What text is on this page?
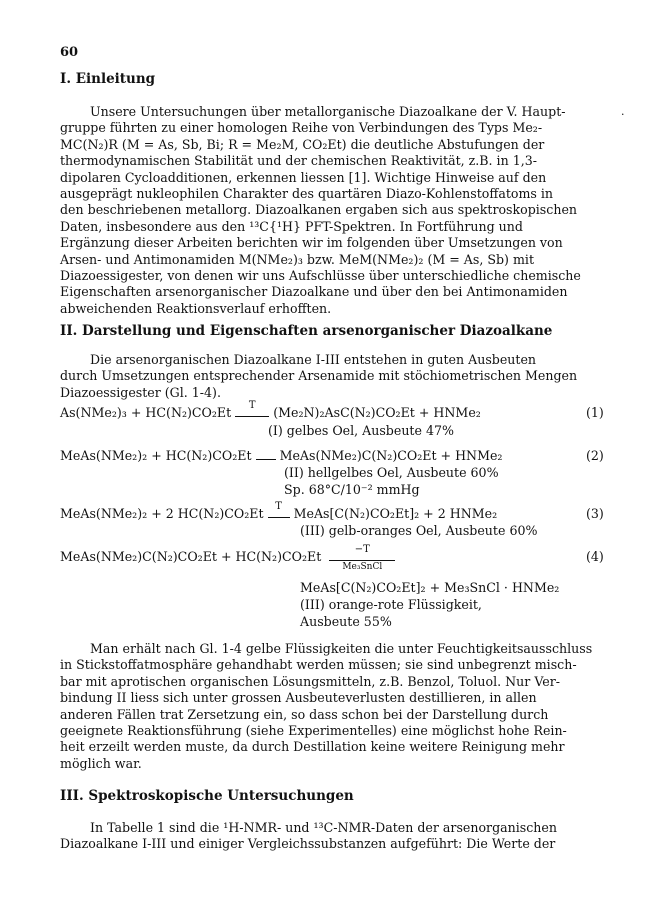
60
I. Einleitung
·

Unsere Untersuchungen über metallorganische Diazoalkane der V. Haupt-
gruppe führten zu einer homologen Reihe von Verbindungen des Typs Me₂-
MC(N₂)R (M = As, Sb, Bi; R = Me₂M, CO₂Et) die deutliche Abstufungen der
thermodynamischen Stabilität und der chemischen Reaktivität, z.B. in 1,3-
dipolaren Cycloadditionen, erkennen liessen [1]. Wichtige Hinweise auf den
ausgeprägt nukleophilen Charakter des quartären Diazo-Kohlenstoffatoms in
den beschriebenen metallorg. Diazoalkanen ergaben sich aus spektroskopischen
Daten, insbesondere aus den ¹³C{¹H} PFT-Spektren. In Fortführung und
Ergänzung dieser Arbeiten berichten wir im folgenden über Umsetzungen von
Arsen- und Antimonamiden M(NMe₂)₃ bzw. MeM(NMe₂)₂ (M = As, Sb) mit
Diazoessigester, von denen wir uns Aufschlüsse über unterschiedliche chemische
Eigenschaften arsenorganischer Diazoalkane und über den bei Antimonamiden
abweichenden Reaktionsverlauf erhofften.

II. Darstellung und Eigenschaften arsenorganischer Diazoalkane

Die arsenorganischen Diazoalkane I-III entstehen in guten Ausbeuten
durch Umsetzungen entsprechender Arsenamide mit stöchiometrischen Mengen
Diazoessigester (Gl. 1-4).

As(NMe₂)₃ + HC(N₂)CO₂Et	T	(Me₂N)₂AsC(N₂)CO₂Et + HNMe₂	(1)
(I) gelbes Oel, Ausbeute 47%
MeAs(NMe₂)₂ + HC(N₂)CO₂Et MeAs(NMe₂)C(N₂)CO₂Et + HNMe₂	(2)
(II) hellgelbes Oel, Ausbeute 60%
Sp. 68°C/10⁻² mmHg
MeAs(NMe₂)₂ + 2 HC(N₂)CO₂Et	T MeAs[C(N₂)CO₂Et]₂ + 2 HNMe₂	(3)
(III) gelb-oranges Oel, Ausbeute 60%
MeAs(NMe₂)C(N₂)CO₂Et + HC(N₂)CO₂Et	−T
Me₃SnCl
(4)
MeAs[C(N₂)CO₂Et]₂ + Me₃SnCl · HNMe₂
(III) orange-rote Flüssigkeit,
Ausbeute 55%

Man erhält nach Gl. 1-4 gelbe Flüssigkeiten die unter Feuchtigkeitsausschluss
in Stickstoffatmosphäre gehandhabt werden müssen; sie sind unbegrenzt misch-
bar mit aprotischen organischen Lösungsmitteln, z.B. Benzol, Toluol. Nur Ver-
bindung II liess sich unter grossen Ausbeuteverlusten destillieren, in allen
anderen Fällen trat Zersetzung ein, so dass schon bei der Darstellung durch
geeignete Reaktionsführung (siehe Experimentelles) eine möglichst hohe Rein-
heit erzeilt werden muste, da durch Destillation keine weitere Reinigung mehr
möglich war.

III. Spektroskopische Untersuchungen

In Tabelle 1 sind die ¹H-NMR- und ¹³C-NMR-Daten der arsenorganischen
Diazoalkane I-III und einiger Vergleichssubstanzen aufgeführt: Die Werte der
